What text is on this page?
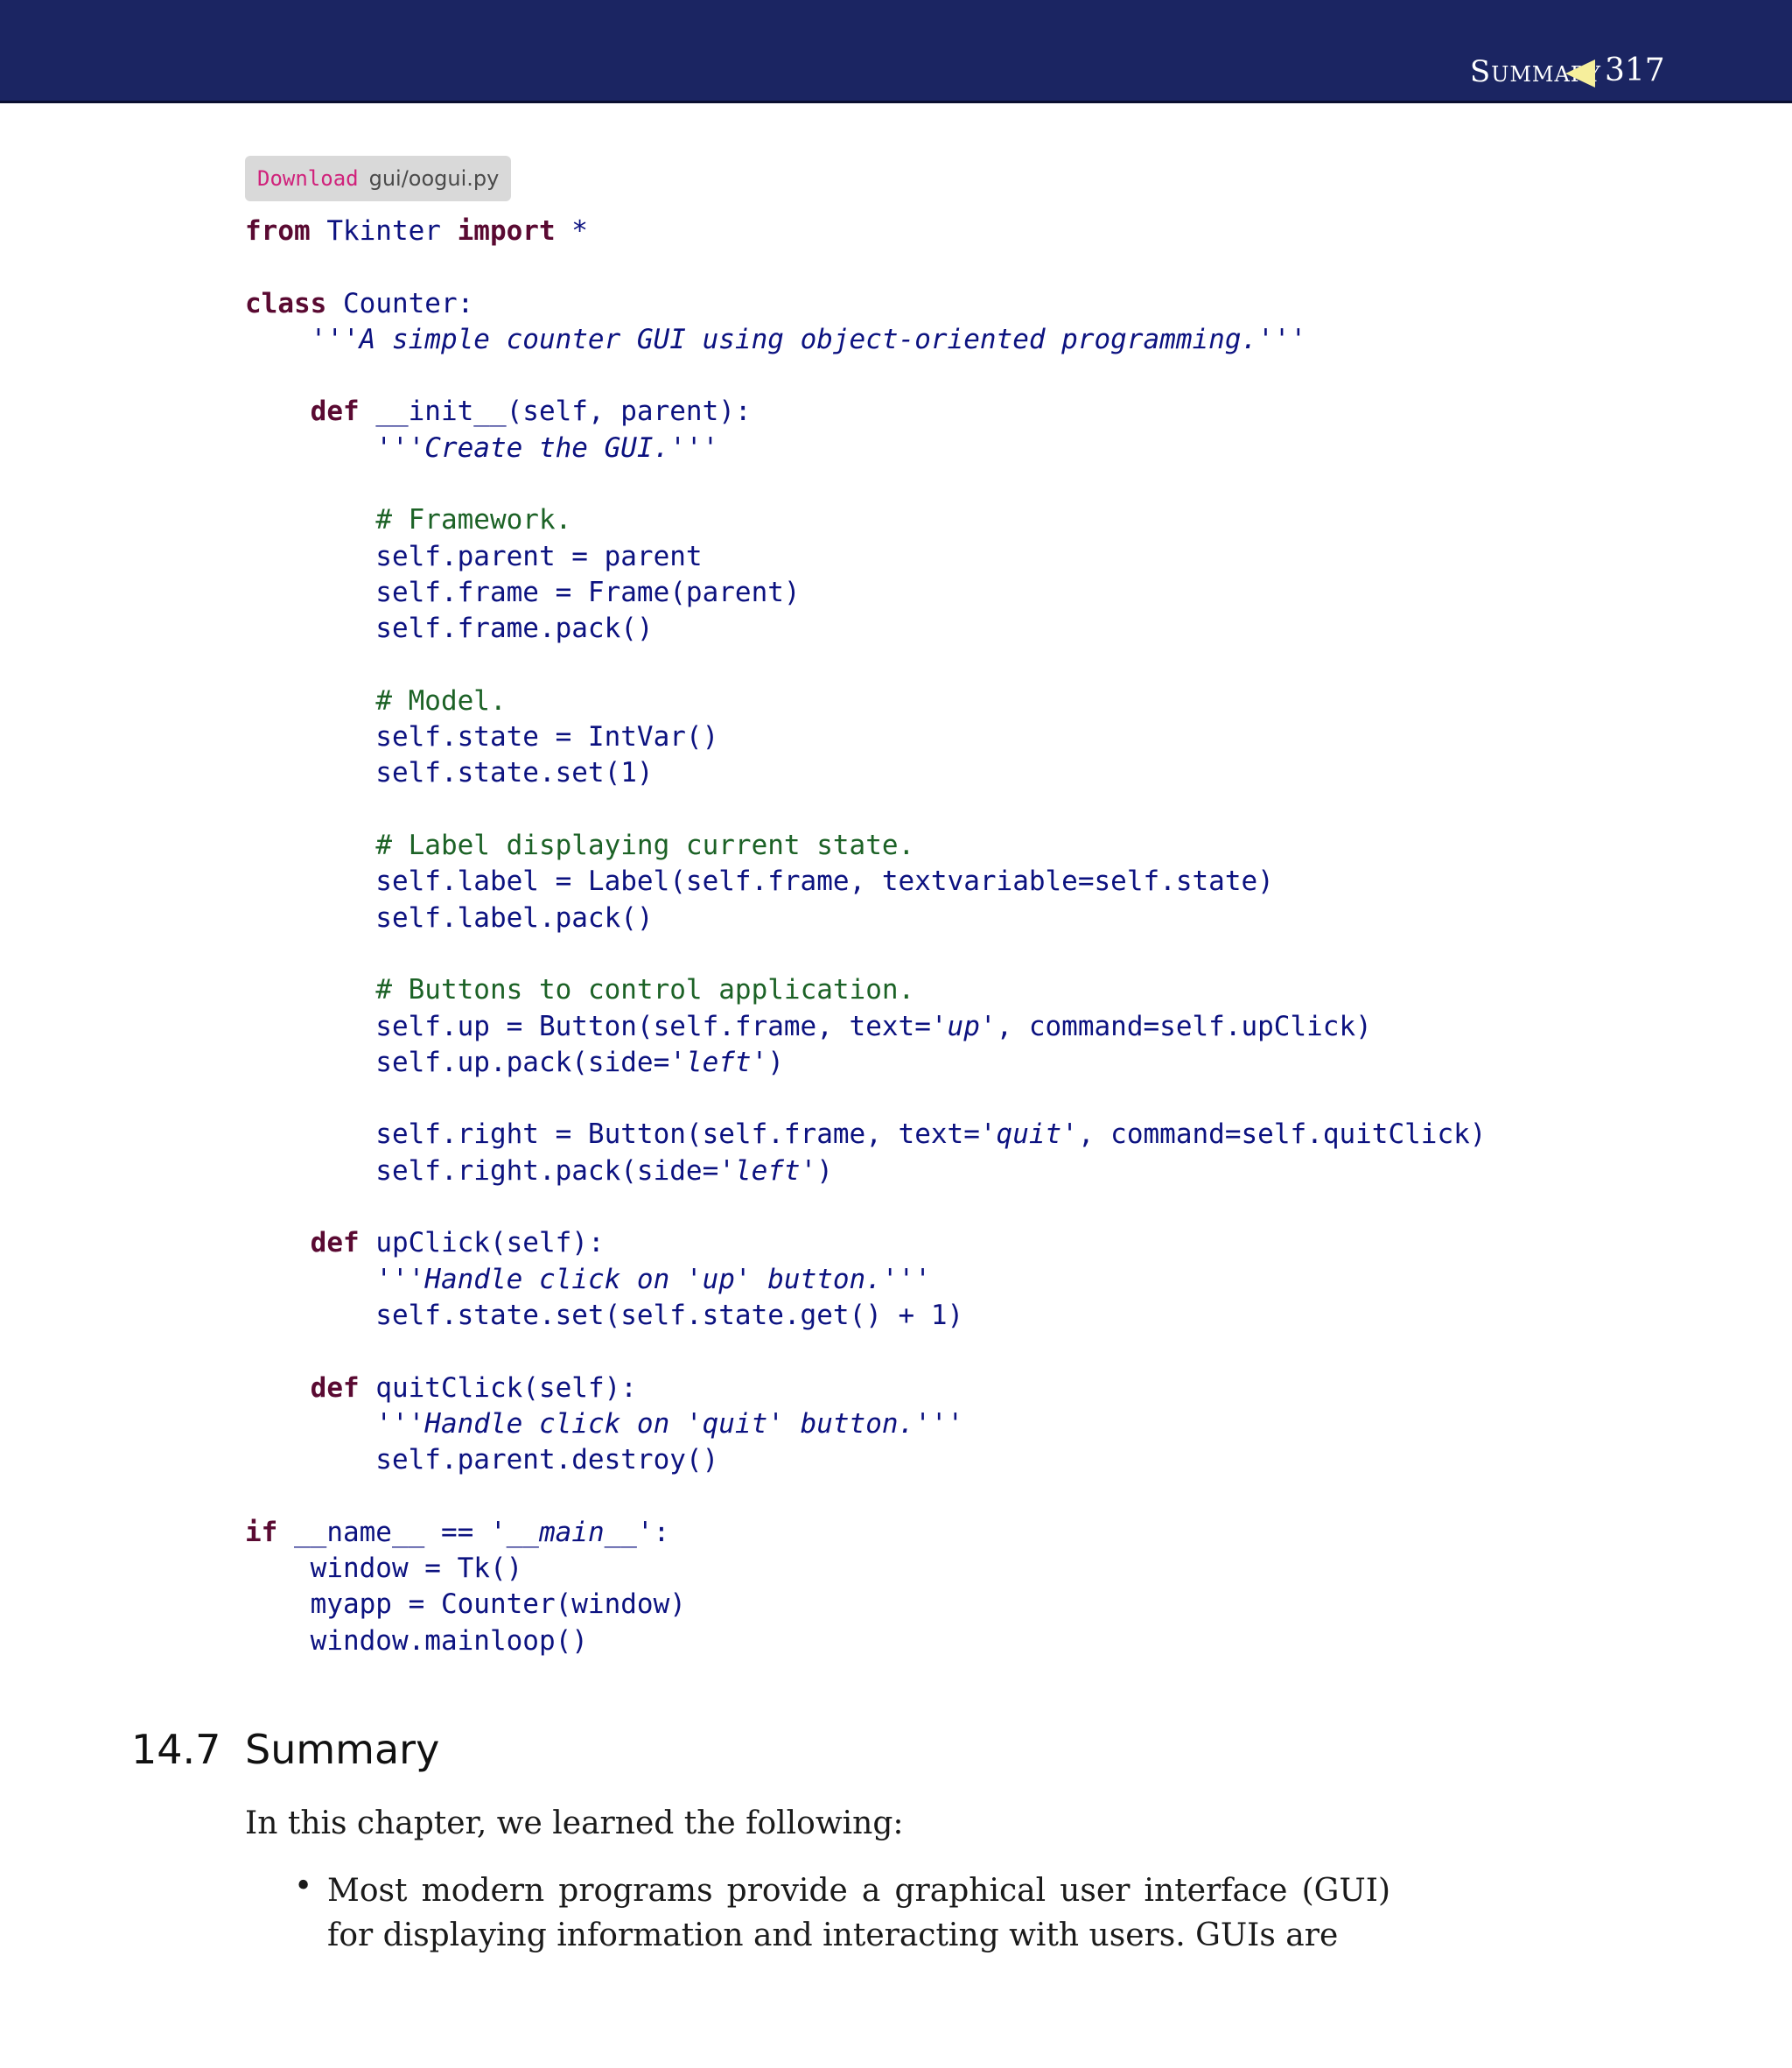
Summary 317
Download gui/oogui.py
from Tkinter import *
class Counter:
'''A simple counter GUI using object-oriented programming.'''
def __init__(self, parent):
'''Create the GUI.'''
# Framework.
self.parent = parent
self.frame = Frame(parent)
self.frame.pack()
# Model.
self.state = IntVar()
self.state.set(1)
# Label displaying current state.
self.label = Label(self.frame, textvariable=self.state)
self.label.pack()
# Buttons to control application.
self.up = Button(self.frame, text='up', command=self.upClick)
self.up.pack(side='left')
self.right = Button(self.frame, text='quit', command=self.quitClick)
self.right.pack(side='left')
def upClick(self):
'''Handle click on 'up' button.'''
self.state.set(self.state.get() + 1)
def quitClick(self):
'''Handle click on 'quit' button.'''
self.parent.destroy()
if __name__ == '__main__':
window = Tk()
myapp = Counter(window)
window.mainloop()
14.7 Summary
In this chapter, we learned the following:
• Most modern programs provide a graphical user interface (GUI) for displaying information and interacting with users. GUIs are
